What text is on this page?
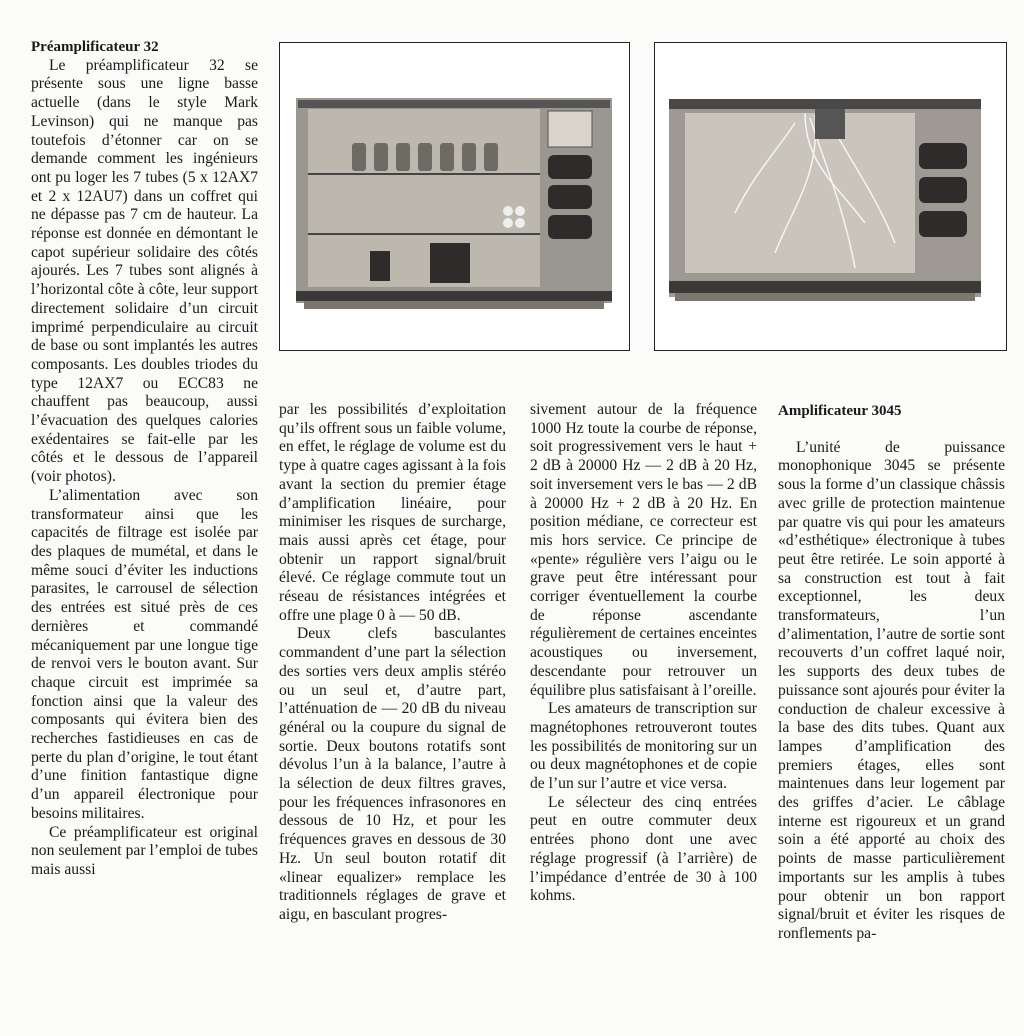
Préamplificateur 32

Le préamplificateur 32 se présente sous une ligne basse actuelle (dans le style Mark Levinson) qui ne manque pas toutefois d’étonner car on se demande comment les ingénieurs ont pu loger les 7 tubes (5 x 12AX7 et 2 x 12AU7) dans un coffret qui ne dépasse pas 7 cm de hauteur. La réponse est donnée en démontant le capot supérieur solidaire des côtés ajourés. Les 7 tubes sont alignés à l’horizontal côte à côte, leur support directement solidaire d’un circuit imprimé perpendiculaire au circuit de base ou sont implantés les autres composants. Les doubles triodes du type 12AX7 ou ECC83 ne chauffent pas beaucoup, aussi l’évacuation des quelques calories exédentaires se fait-elle par les côtés et le dessous de l’appareil (voir photos).

L’alimentation avec son transformateur ainsi que les capacités de filtrage est isolée par des plaques de mumétal, et dans le même souci d’éviter les inductions parasites, le carrousel de sélection des entrées est situé près de ces dernières et commandé mécaniquement par une longue tige de renvoi vers le bouton avant. Sur chaque circuit est imprimée sa fonction ainsi que la valeur des composants qui évitera bien des recherches fastidieuses en cas de perte du plan d’origine, le tout étant d’une finition fantastique digne d’un appareil électronique pour besoins militaires.

Ce préamplificateur est original non seulement par l’emploi de tubes mais aussi

par les possibilités d’exploitation qu’ils offrent sous un faible volume, en effet, le réglage de volume est du type à quatre cages agissant à la fois avant la section du premier étage d’amplification linéaire, pour minimiser les risques de surcharge, mais aussi après cet étage, pour obtenir un rapport signal/bruit élevé. Ce réglage commute tout un réseau de résistances intégrées et offre une plage 0 à — 50 dB.

Deux clefs basculantes commandent d’une part la sélection des sorties vers deux amplis stéréo ou un seul et, d’autre part, l’atténuation de — 20 dB du niveau général ou la coupure du signal de sortie. Deux boutons rotatifs sont dévolus l’un à la balance, l’autre à la sélection de deux filtres graves, pour les fréquences infrasonores en dessous de 10 Hz, et pour les fréquences graves en dessous de 30 Hz. Un seul bouton rotatif dit «linear equalizer» remplace les traditionnels réglages de grave et aigu, en basculant progres-

sivement autour de la fréquence 1000 Hz toute la courbe de réponse, soit progressivement vers le haut + 2 dB à 20000 Hz — 2 dB à 20 Hz, soit inversement vers le bas — 2 dB à 20000 Hz + 2 dB à 20 Hz. En position médiane, ce correcteur est mis hors service. Ce principe de «pente» régulière vers l’aigu ou le grave peut être intéressant pour corriger éventuellement la courbe de réponse ascendante régulièrement de certaines enceintes acoustiques ou inversement, descendante pour retrouver un équilibre plus satisfaisant à l’oreille.

Les amateurs de transcription sur magnétophones retrouveront toutes les possibilités de monitoring sur un ou deux magnétophones et de copie de l’un sur l’autre et vice versa.

Le sélecteur des cinq entrées peut en outre commuter deux entrées phono dont une avec réglage progressif (à l’arrière) de l’impédance d’entrée de 30 à 100 kohms.

Amplificateur 3045

L’unité de puissance monophonique 3045 se présente sous la forme d’un classique châssis avec grille de protection maintenue par quatre vis qui pour les amateurs «d’esthétique» électronique à tubes peut être retirée. Le soin apporté à sa construction est tout à fait exceptionnel, les deux transformateurs, l’un d’alimentation, l’autre de sortie sont recouverts d’un coffret laqué noir, les supports des deux tubes de puissance sont ajourés pour éviter la conduction de chaleur excessive à la base des dits tubes. Quant aux lampes d’amplification des premiers étages, elles sont maintenues dans leur logement par des griffes d’acier. Le câblage interne est rigoureux et un grand soin a été apporté au choix des points de masse particulièrement importants sur les amplis à tubes pour obtenir un bon rapport signal/bruit et éviter les risques de ronflements pa-
